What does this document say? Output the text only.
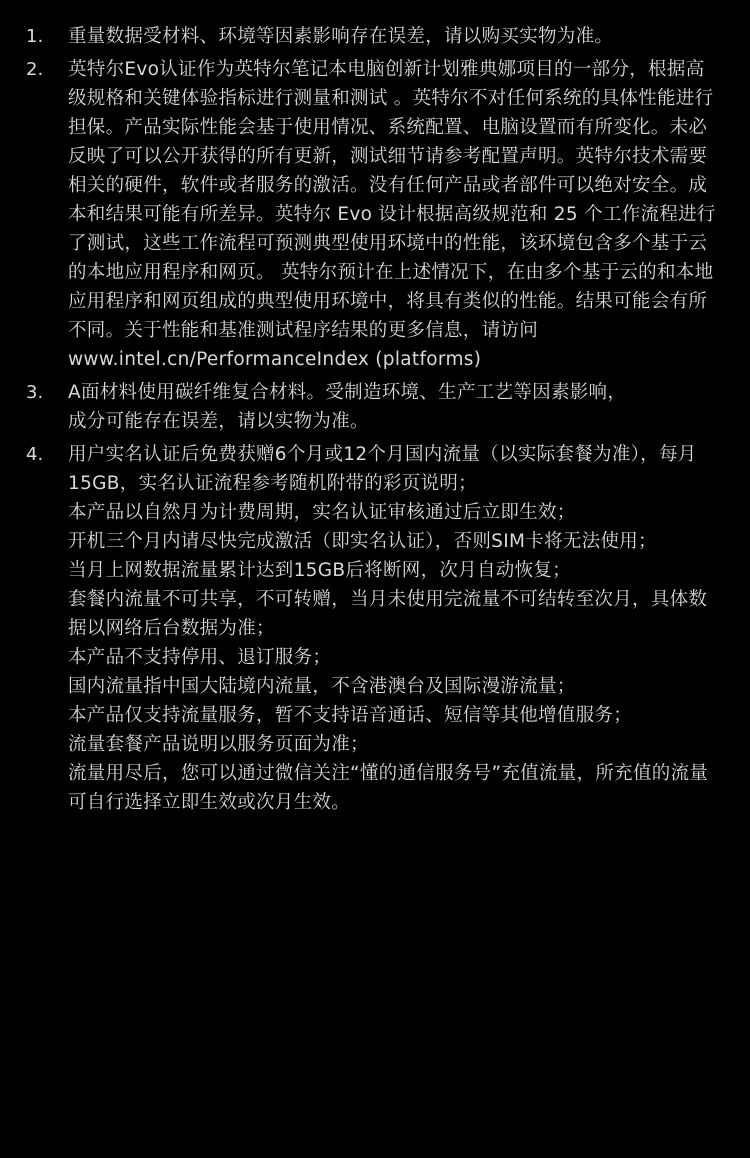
1.	重量数据受材料、环境等因素影响存在误差，请以购买实物为准。

2.	英特尔Evo认证作为英特尔笔记本电脑创新计划雅典娜项目的一部分，根据高级规格和关键体验指标进行测量和测试 。英特尔不对任何系统的具体性能进行担保。产品实际性能会基于使用情况、系统配置、电脑设置而有所变化。未必反映了可以公开获得的所有更新，测试细节请参考配置声明。英特尔技术需要相关的硬件，软件或者服务的激活。没有任何产品或者部件可以绝对安全。成本和结果可能有所差异。英特尔 Evo 设计根据高级规范和 25 个工作流程进行了测试，这些工作流程可预测典型使用环境中的性能，该环境包含多个基于云的本地应用程序和网页。 英特尔预计在上述情况下，在由多个基于云的和本地应用程序和网页组成的典型使用环境中，将具有类似的性能。结果可能会有所不同。关于性能和基准测试程序结果的更多信息，请访问

www.intel.cn/PerformanceIndex (platforms)

3.	A面材料使用碳纤维复合材料。受制造环境、生产工艺等因素影响，

成分可能存在误差，请以实物为准。

4.	用户实名认证后免费获赠6个月或12个月国内流量（以实际套餐为准），每月15GB，实名认证流程参考随机附带的彩页说明；

本产品以自然月为计费周期，实名认证审核通过后立即生效；

开机三个月内请尽快完成激活（即实名认证），否则SIM卡将无法使用；

当月上网数据流量累计达到15GB后将断网，次月自动恢复；

套餐内流量不可共享，不可转赠，当月未使用完流量不可结转至次月，具体数据以网络后台数据为准；

本产品不支持停用、退订服务；

国内流量指中国大陆境内流量，不含港澳台及国际漫游流量；

本产品仅支持流量服务，暂不支持语音通话、短信等其他增值服务；

流量套餐产品说明以服务页面为准；

流量用尽后，您可以通过微信关注“懂的通信服务号”充值流量，所充值的流量可自行选择立即生效或次月生效。
